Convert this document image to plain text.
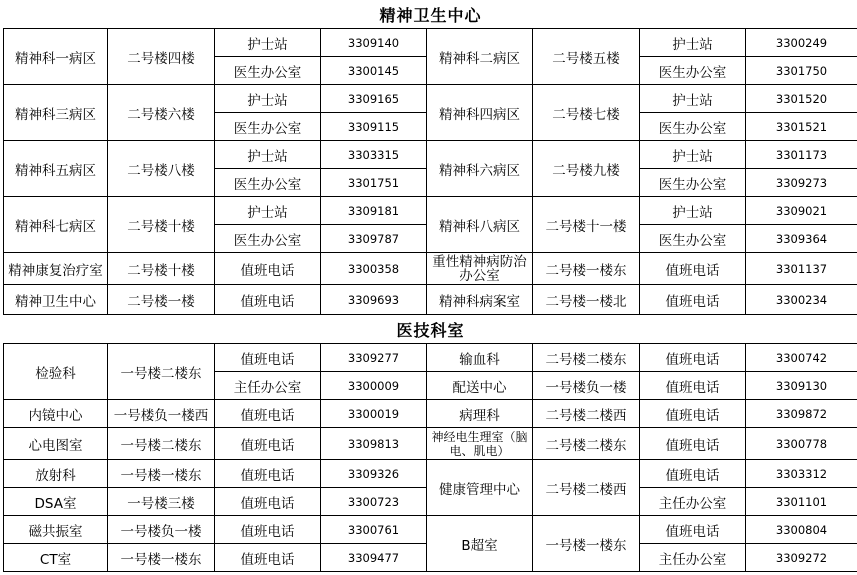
精神卫生中心							
精神科一病区	二号楼四楼	护士站	3309140	精神科二病区	二号楼五楼	护士站	3300249
		医生办公室	3300145			医生办公室	3301750
精神科三病区	二号楼六楼	护士站	3309165	精神科四病区	二号楼七楼	护士站	3301520
		医生办公室	3309115			医生办公室	3301521
精神科五病区	二号楼八楼	护士站	3303315	精神科六病区	二号楼九楼	护士站	3301173
		医生办公室	3301751			医生办公室	3309273
精神科七病区	二号楼十楼	护士站	3309181	精神科八病区	二号楼十一楼	护士站	3309021
		医生办公室	3309787			医生办公室	3309364
精神康复治疗室	二号楼十楼	值班电话	3300358	重性精神病防治办公室	二号楼一楼东	值班电话	3301137
精神卫生中心	二号楼一楼	值班电话	3309693	精神科病案室	二号楼一楼北	值班电话	3300234
医技科室							
检验科	一号楼二楼东	值班电话	3309277	输血科	二号楼二楼东	值班电话	3300742
		主任办公室	3300009	配送中心	一号楼负一楼	值班电话	3309130
内镜中心	一号楼负一楼西	值班电话	3300019	病理科	二号楼二楼西	值班电话	3309872
心电图室	一号楼二楼东	值班电话	3309813	神经电生理室（脑电、肌电）	二号楼二楼东	值班电话	3300778
放射科	一号楼一楼东	值班电话	3309326	健康管理中心	二号楼二楼西	值班电话	3303312
DSA室	一号楼三楼	值班电话	3300723			主任办公室	3301101
磁共振室	一号楼负一楼	值班电话	3300761	B超室	一号楼一楼东	值班电话	3300804
CT室	一号楼一楼东	值班电话	3309477			主任办公室	3309272
